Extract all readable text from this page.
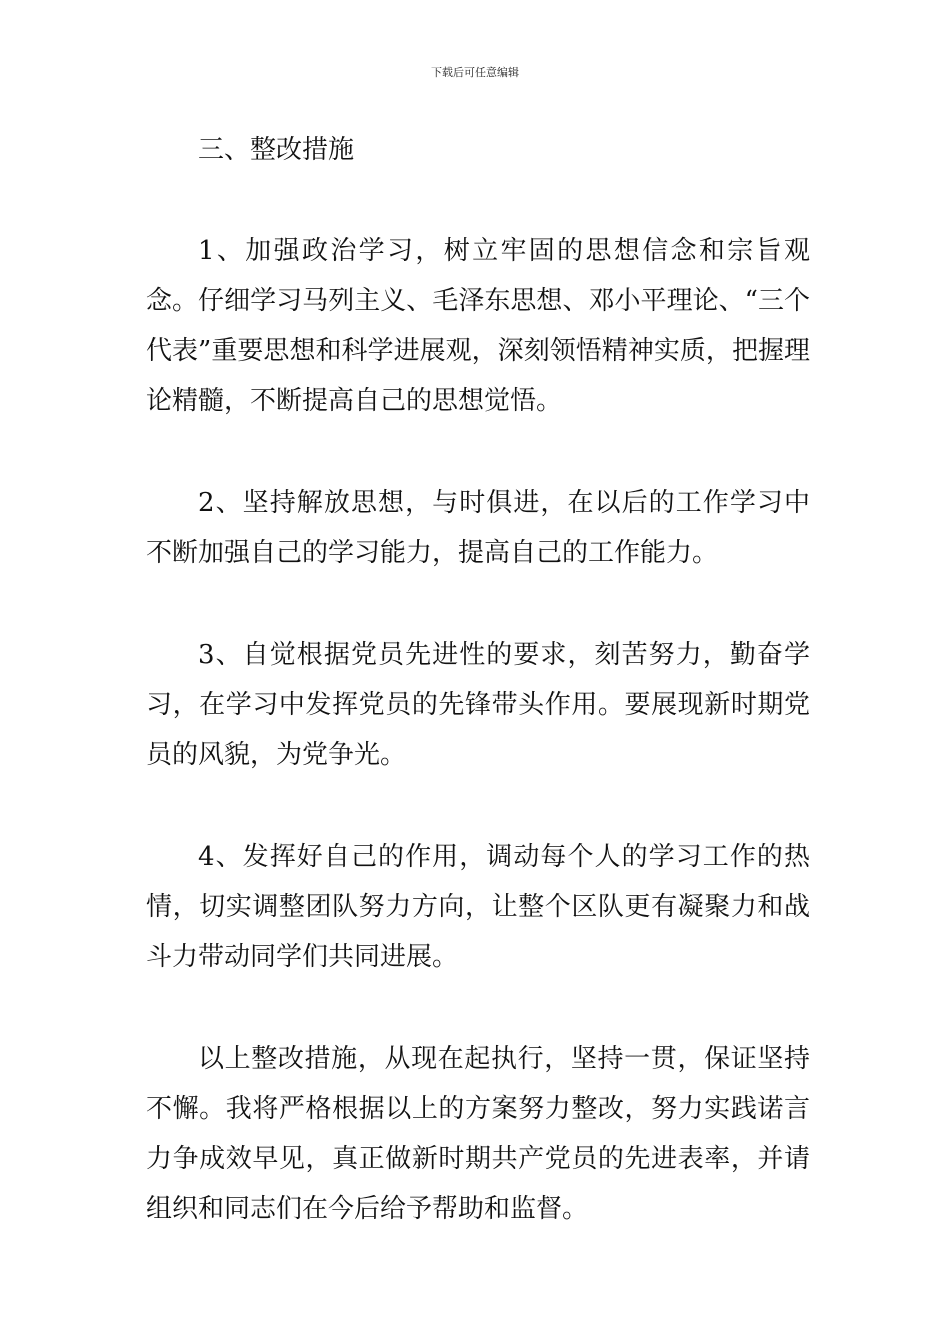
下载后可任意编辑

三、整改措施

1、加强政治学习，树立牢固的思想信念和宗旨观念。仔细学习马列主义、毛泽东思想、邓小平理论、“三个代表”重要思想和科学进展观，深刻领悟精神实质，把握理论精髓，不断提高自己的思想觉悟。

2、坚持解放思想，与时俱进，在以后的工作学习中不断加强自己的学习能力，提高自己的工作能力。

3、自觉根据党员先进性的要求，刻苦努力，勤奋学习，在学习中发挥党员的先锋带头作用。要展现新时期党员的风貌，为党争光。

4、发挥好自己的作用，调动每个人的学习工作的热情，切实调整团队努力方向，让整个区队更有凝聚力和战斗力带动同学们共同进展。

以上整改措施，从现在起执行，坚持一贯，保证坚持不懈。我将严格根据以上的方案努力整改，努力实践诺言力争成效早见，真正做新时期共产党员的先进表率，并请组织和同志们在今后给予帮助和监督。
